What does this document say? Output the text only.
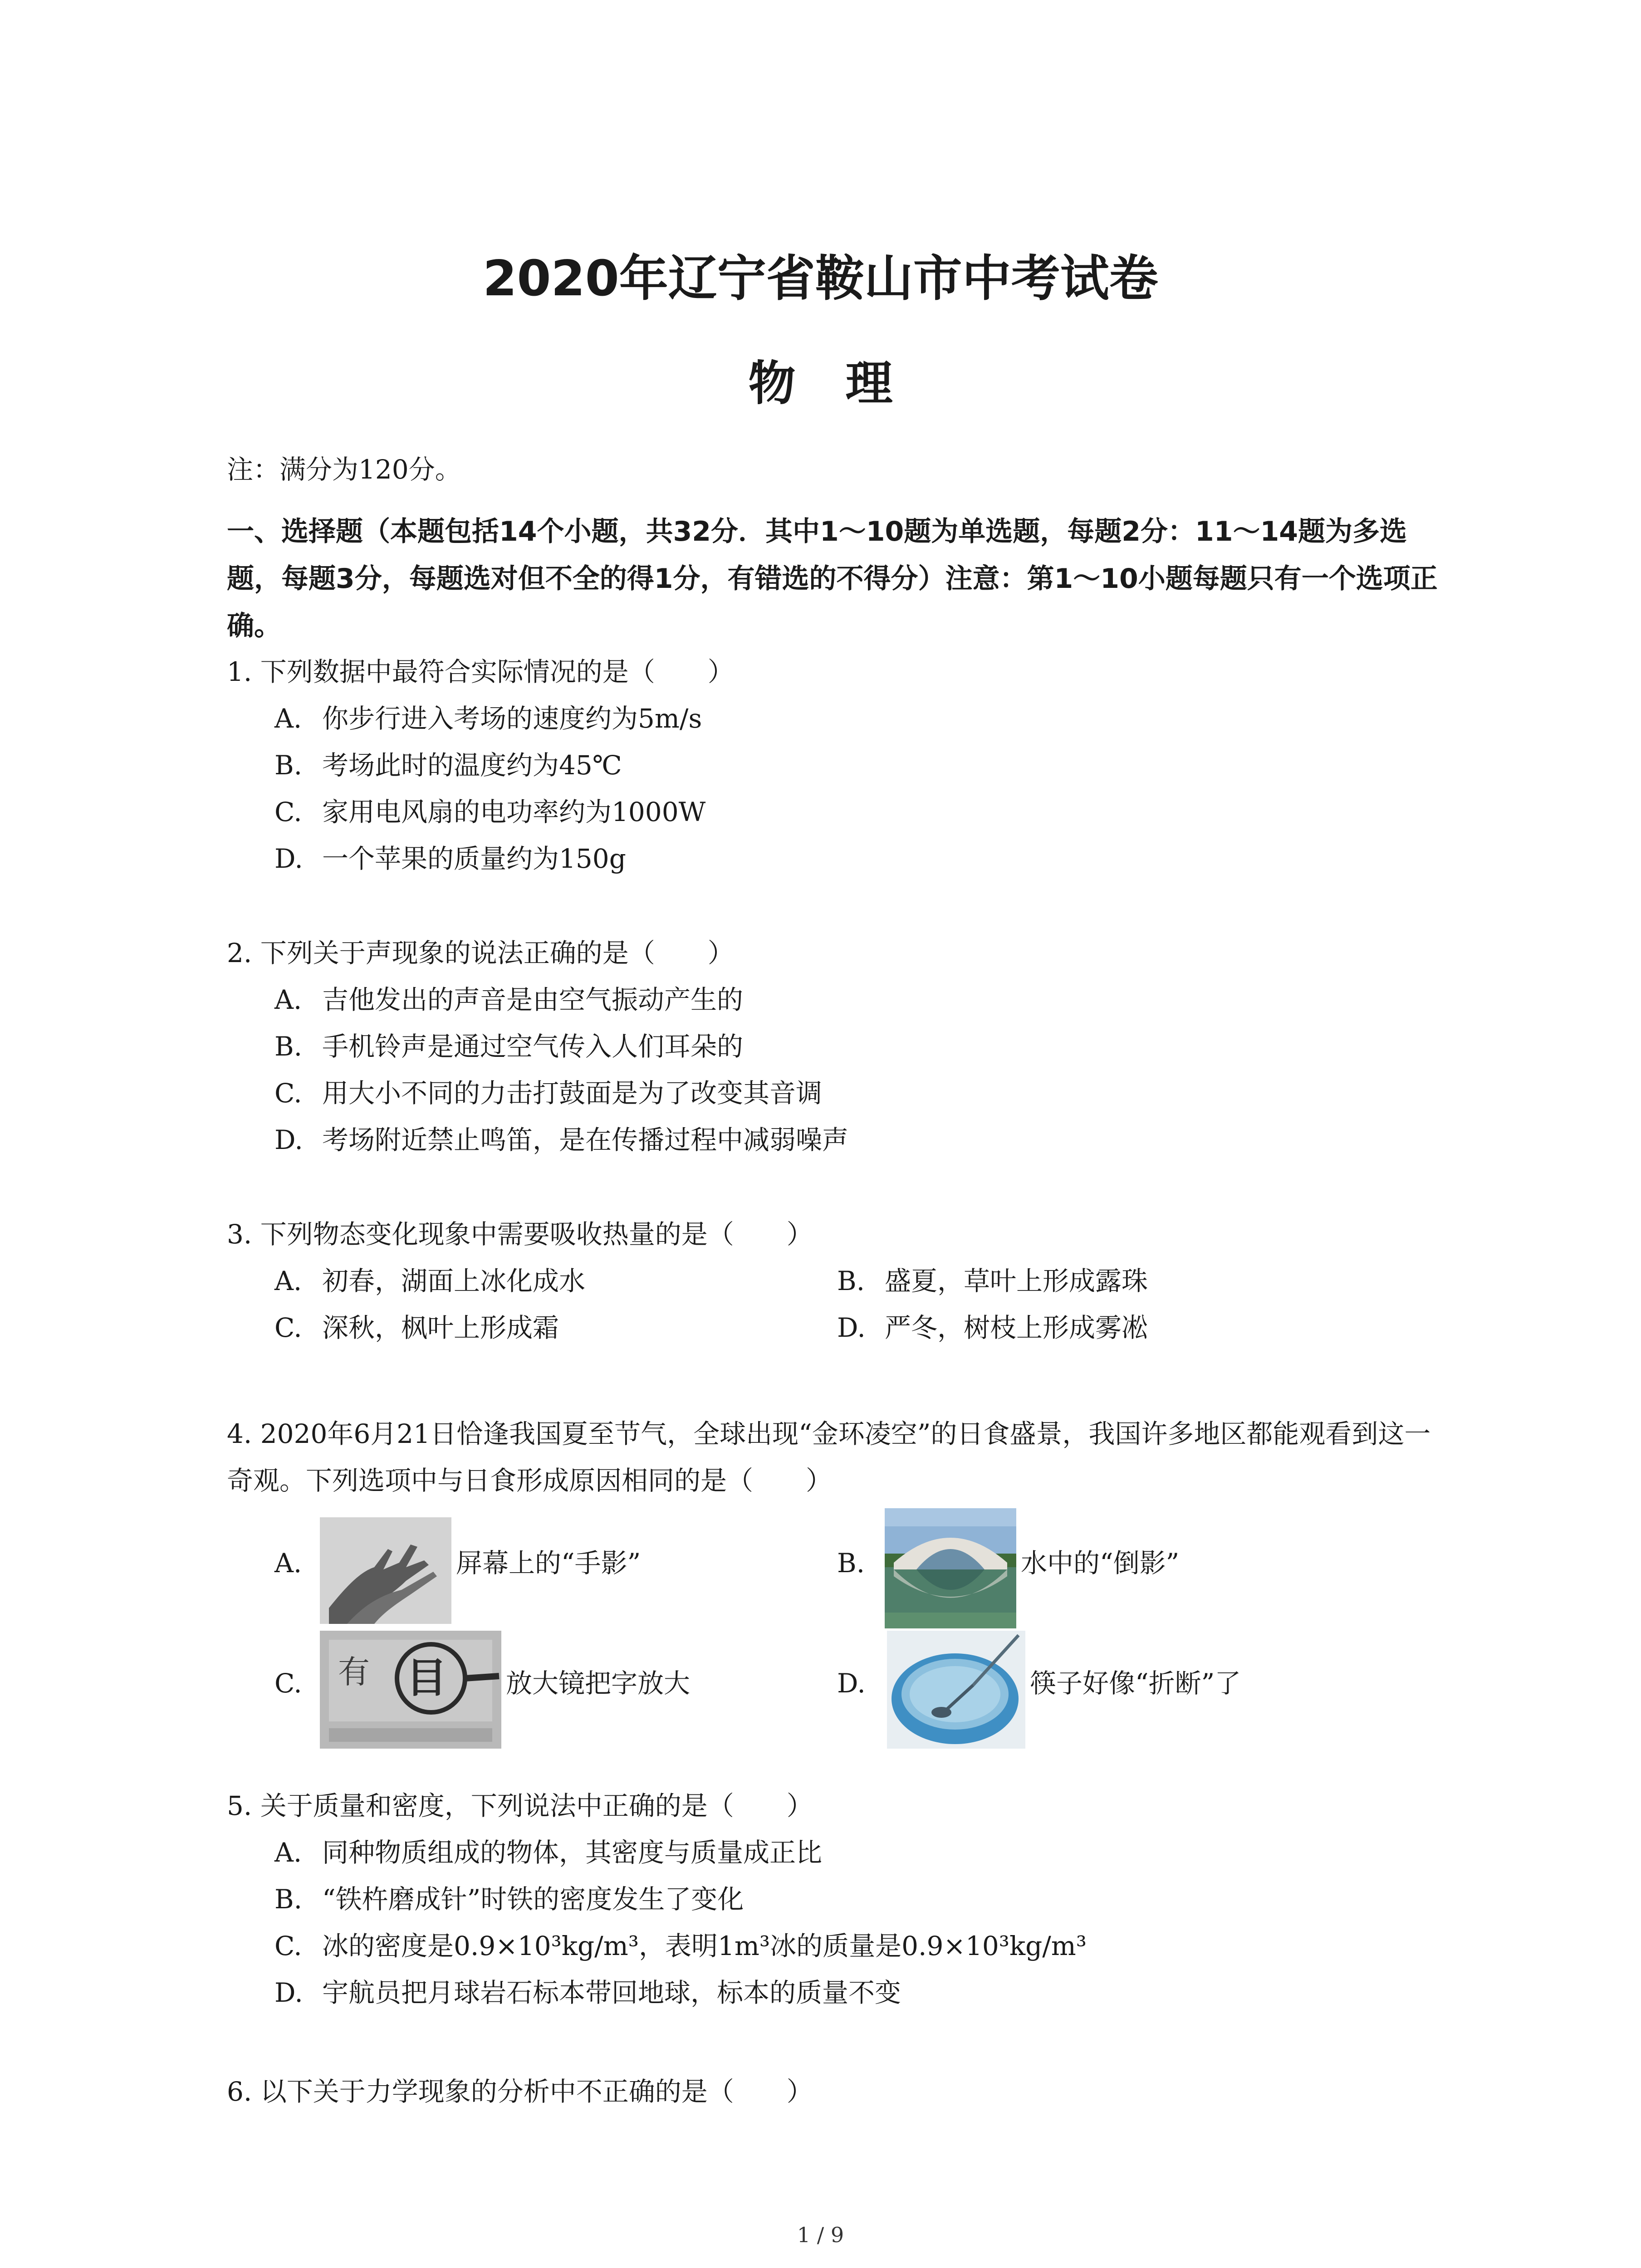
2020年辽宁省鞍山市中考试卷
物理
注：满分为120分。
一、选择题（本题包括14个小题，共32分．其中1～10题为单选题，每题2分：11～14题为多选题，每题3分，每题选对但不全的得1分，有错选的不得分）注意：第1～10小题每题只有一个选项正确。
1. 下列数据中最符合实际情况的是（　　）
A. 你步行进入考场的速度约为5m/s
B. 考场此时的温度约为45℃
C. 家用电风扇的电功率约为1000W
D. 一个苹果的质量约为150g
2. 下列关于声现象的说法正确的是（　　）
A. 吉他发出的声音是由空气振动产生的
B. 手机铃声是通过空气传入人们耳朵的
C. 用大小不同的力击打鼓面是为了改变其音调
D. 考场附近禁止鸣笛，是在传播过程中减弱噪声
3. 下列物态变化现象中需要吸收热量的是（　　）
A. 初春，湖面上冰化成水	B. 盛夏，草叶上形成露珠
C. 深秋，枫叶上形成霜	D. 严冬，树枝上形成雾凇
4. 2020年6月21日恰逢我国夏至节气，全球出现“金环凌空”的日食盛景，我国许多地区都能观看到这一奇观。下列选项中与日食形成原因相同的是（　　）
A.	屏幕上的“手影”	B.	水中的“倒影”
C. 有 目 放大镜把字放大	D.	筷子好像“折断”了
5. 关于质量和密度，下列说法中正确的是（　　）
A. 同种物质组成的物体，其密度与质量成正比
B. “铁杵磨成针”时铁的密度发生了变化
C. 冰的密度是0.9×10³kg/m³，表明1m³冰的质量是0.9×10³kg/m³
D. 宇航员把月球岩石标本带回地球，标本的质量不变
6. 以下关于力学现象的分析中不正确的是（　　）
1 / 9
